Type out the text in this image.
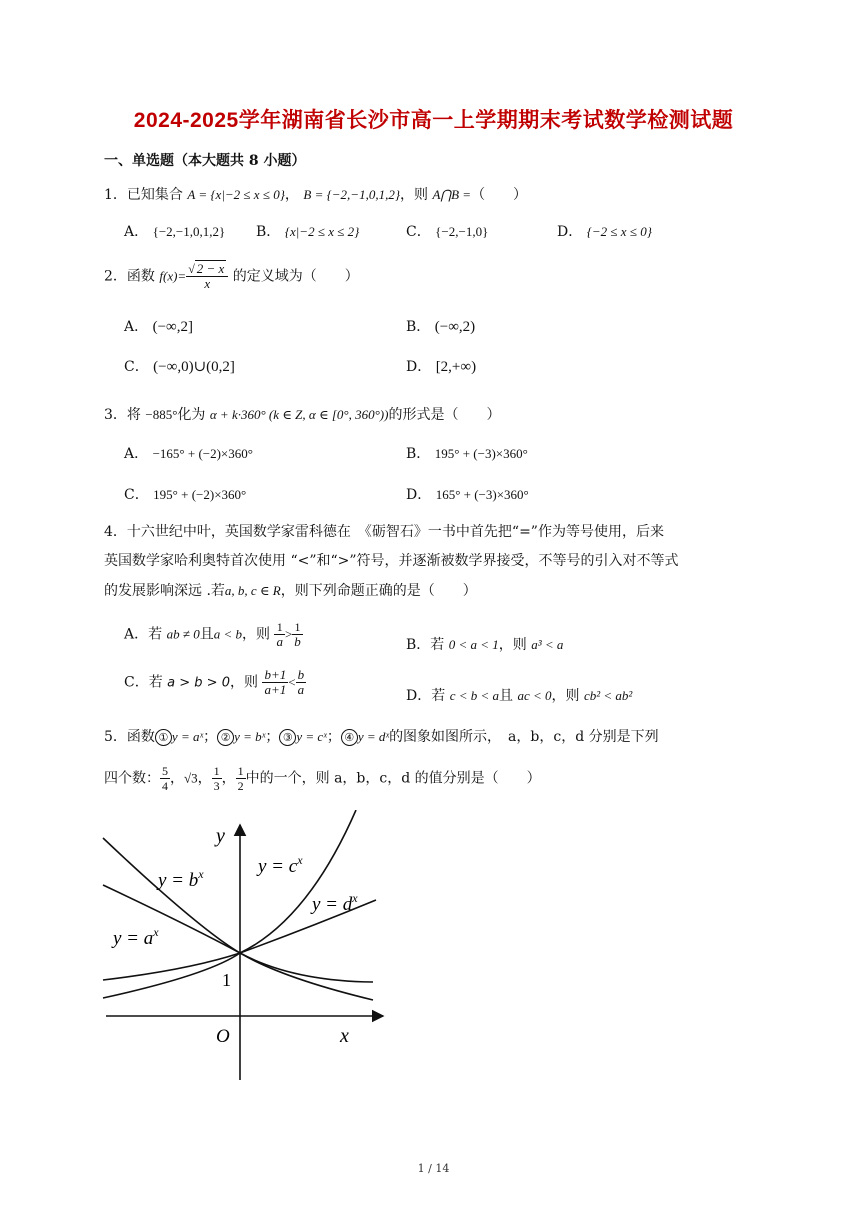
2024-2025学年湖南省长沙市高一上学期期末考试数学检测试题
一、单选题（本大题共 8 小题）
1．已知集合 A = {x|−2 ≤ x ≤ 0}， B = {−2,−1,0,1,2}，则 A⋂B =（　　）
A． {−2,−1,0,1,2} B． {x|−2 ≤ x ≤ 2}	C． {−2,−1,0}	D． {−2 ≤ x ≤ 0}
2．函数 $f(x)= \frac{√ 2 - x}{x}$ 的定义域为（　　）
A． (−∞,2]	B． (−∞,2)
C． (−∞,0)∪(0,2]	D． [2,+∞)
3．将 −885°化为 α + k·360° (k ∈ Z, α ∈ [0°, 360°))的形式是（　　）
A． −165° + (−2)×360°	B． 195° + (−3)×360°
C． 195° + (−2)×360°	D． 165° + (−3)×360°
4．十六世纪中叶，英国数学家雷科德在　《砺智石》一书中首先把“=”作为等号使用，后来
英国数学家哈利奥特首次使用 “<”和“>”符号，并逐渐被数学界接受，不等号的引入对不等式
的发展影响深远 .若a, b, c ∈ R，则下列命题正确的是（　　）
A．若 ab ≠ 0且a < b，则 $\frac{1}{a} > \frac{1}{b}$	B．若 0 < a < 1，则 a³ < a
C．若 a > b > 0，则 $\frac{b+1}{a+1} < \frac{b}{a}$	D．若 c < b < a且 ac < 0，则 cb² < ab²
5．函数 ① y = aˣ； ② y = bˣ； ③ y = cˣ； ④ y = dˣ的图象如图所示，　a，b，c，d 分别是下列
四个数： $\frac{5}{4}$ ，√3， $\frac{1}{3}$ ， $\frac{1}{2}$ 中的一个，则 a，b，c，d 的值分别是（　　）
y
x
O
1
$y = b^x$	$y = c^x$
$y = d^x$
$y = a^x$
1 / 14
